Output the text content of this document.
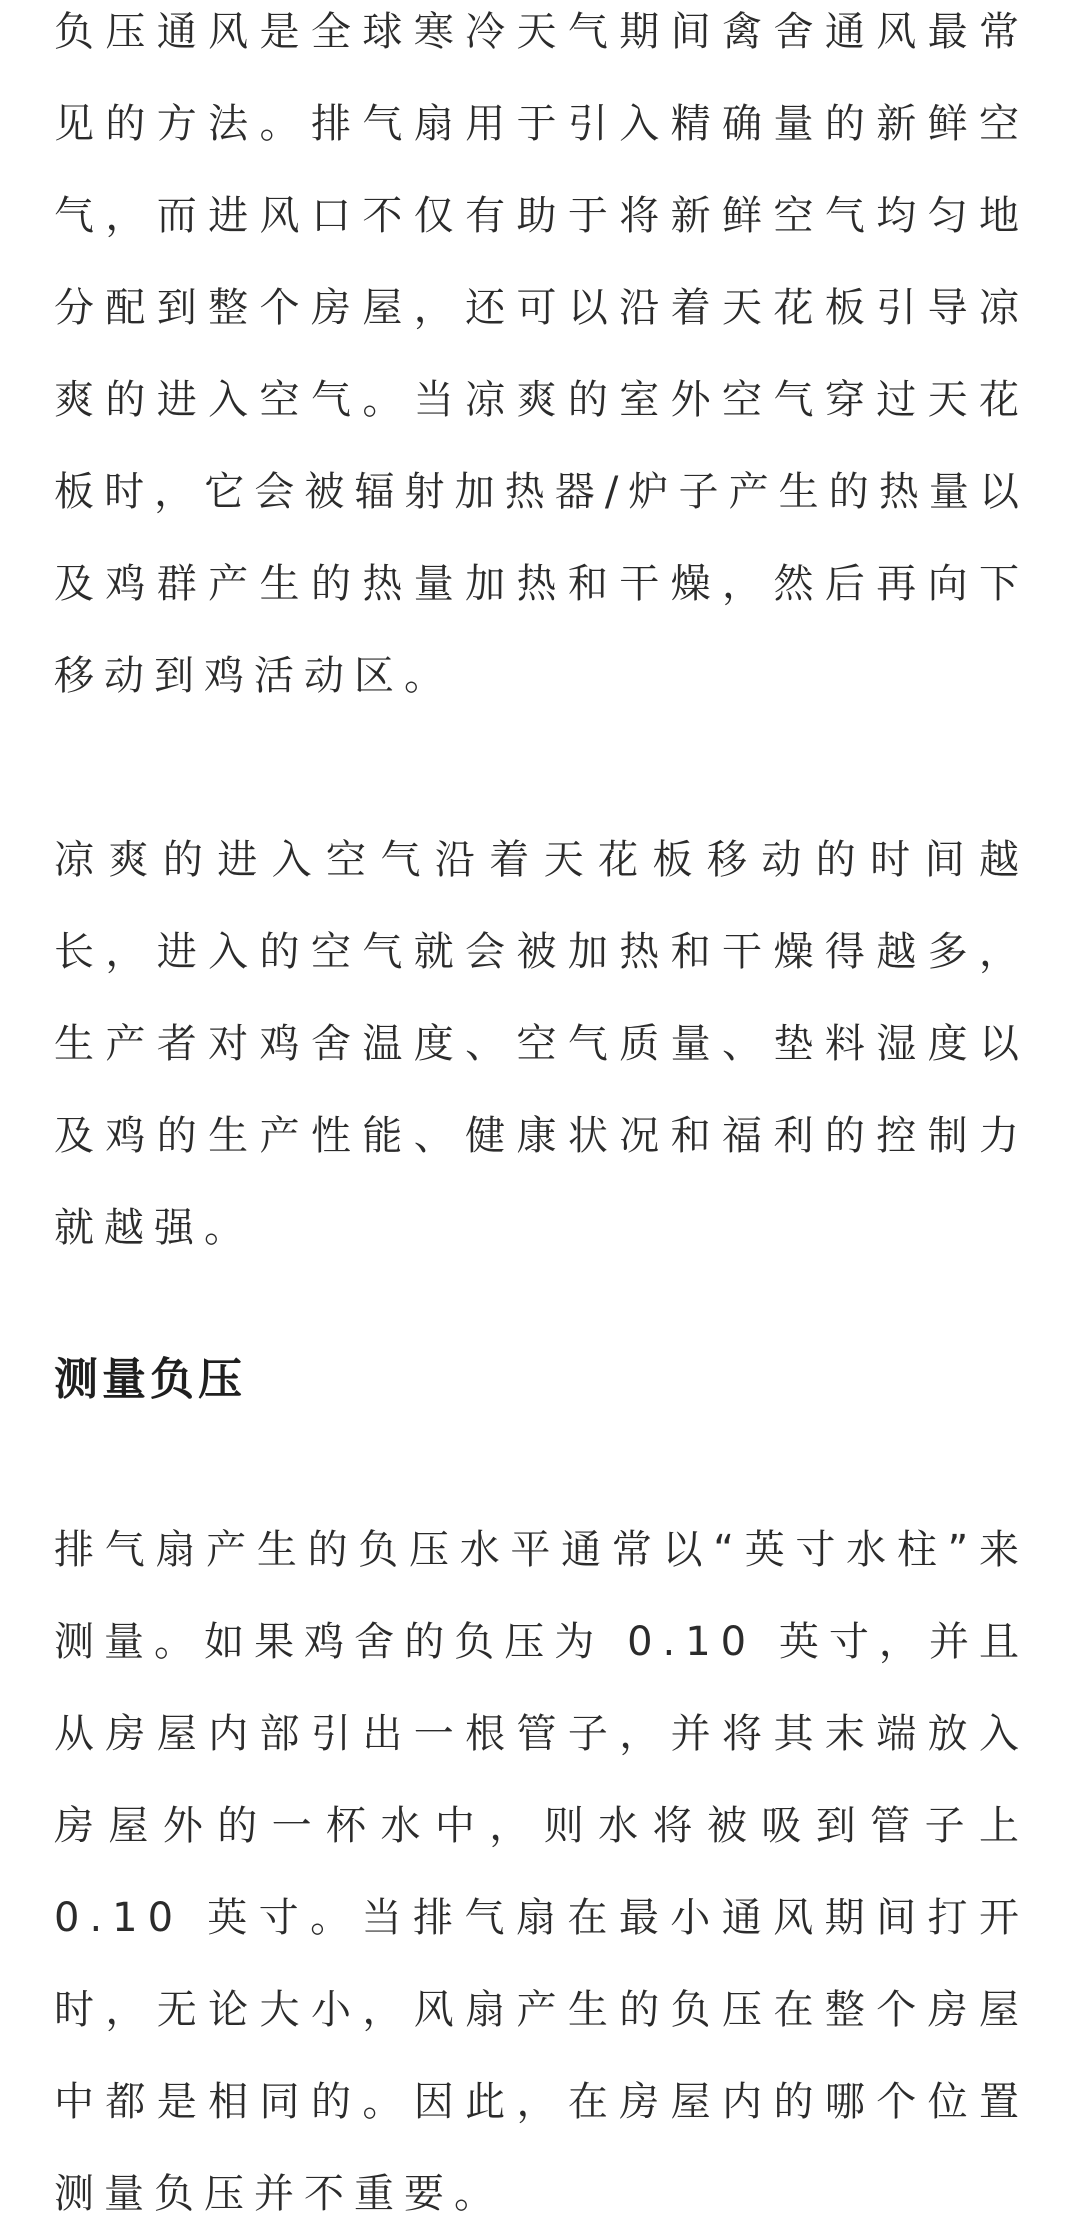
负压通风是全球寒冷天气期间禽舍通风最常见的方法。排气扇用于引入精确量的新鲜空气，而进风口不仅有助于将新鲜空气均匀地分配到整个房屋，还可以沿着天花板引导凉爽的进入空气。当凉爽的室外空气穿过天花板时，它会被辐射加热器/炉子产生的热量以及鸡群产生的热量加热和干燥，然后再向下移动到鸡活动区。

凉爽的进入空气沿着天花板移动的时间越长，进入的空气就会被加热和干燥得越多，生产者对鸡舍温度、空气质量、垫料湿度以及鸡的生产性能、健康状况和福利的控制力就越强。

测量负压

排气扇产生的负压水平通常以“英寸水柱”来测量。如果鸡舍的负压为 0.10 英寸，并且从房屋内部引出一根管子，并将其末端放入房屋外的一杯水中，则水将被吸到管子上 0.10 英寸。当排气扇在最小通风期间打开时，无论大小，风扇产生的负压在整个房屋中都是相同的。因此，在房屋内的哪个位置测量负压并不重要。
